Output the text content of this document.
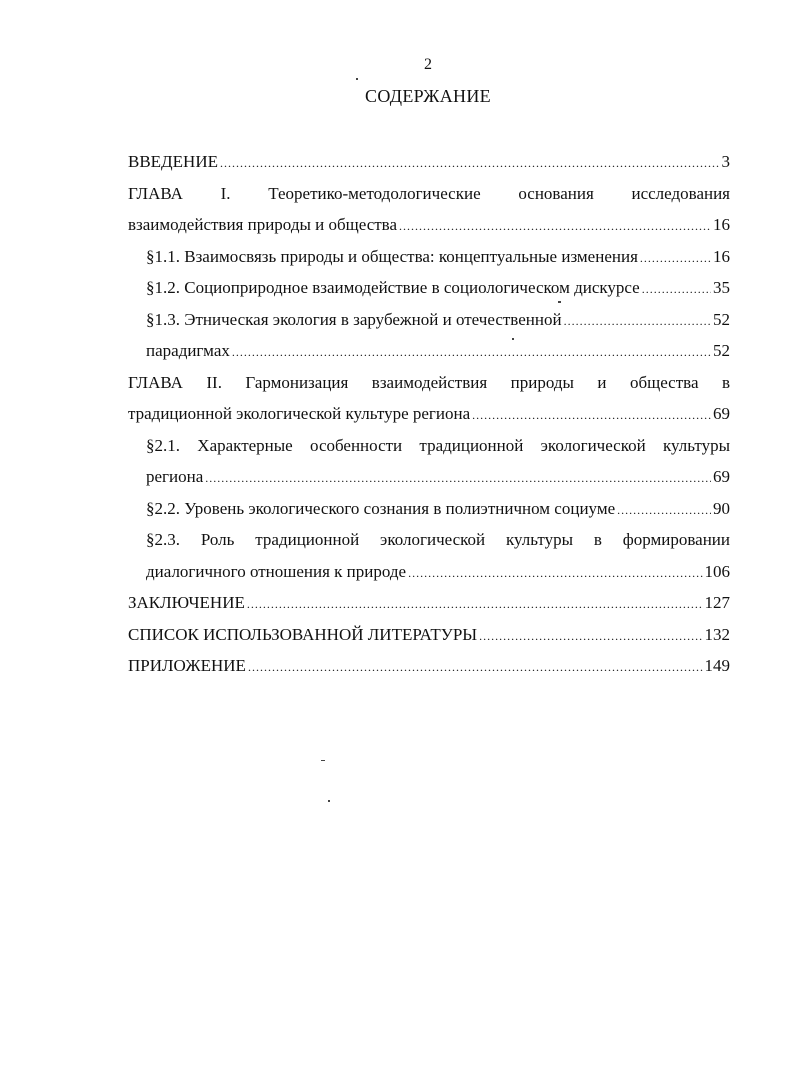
2
СОДЕРЖАНИЕ
ВВЕДЕНИЕ .....	3
ГЛАВА I. Теоретико-методологические основания исследования
взаимодействия природы и общества .....	16
§1.1. Взаимосвязь природы и общества: концептуальные изменения .....	16
§1.2. Социоприродное взаимодействие в социологическом дискурсе .....	35
§1.3. Этническая экология в зарубежной и отечественной .....	52
парадигмах .....	52
ГЛАВА II. Гармонизация взаимодействия природы и общества в
традиционной экологической культуре региона .....	69
§2.1. Характерные особенности традиционной экологической культуры
региона .....	69
§2.2. Уровень экологического сознания в полиэтничном социуме .....	90
§2.3. Роль традиционной экологической культуры в формировании
диалогичного отношения к природе .....	106
ЗАКЛЮЧЕНИЕ .....	127
СПИСОК ИСПОЛЬЗОВАННОЙ ЛИТЕРАТУРЫ .....	132
ПРИЛОЖЕНИЕ .....	149
